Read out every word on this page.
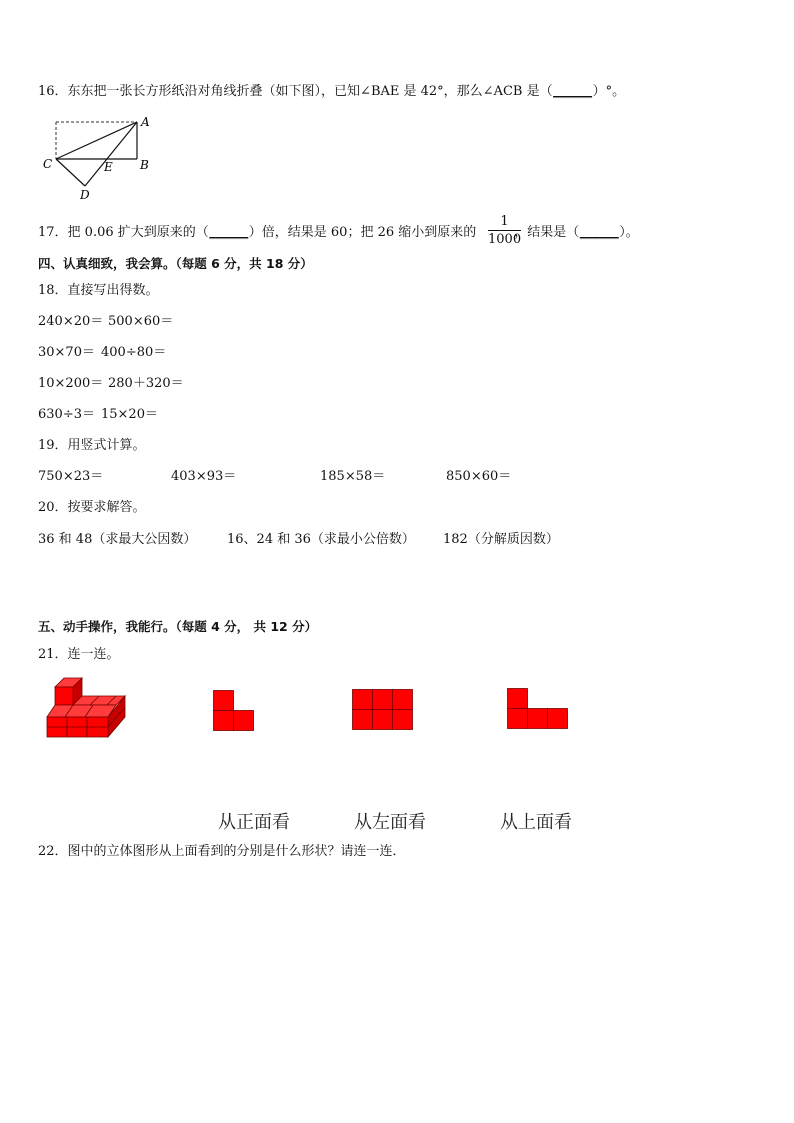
16．东东把一张长方形纸沿对角线折叠（如下图），已知∠BAE 是 42°，那么∠ACB 是（______）°。
A
B
C
D
E
17．把 0.06 扩大到原来的（______）倍，结果是 60；把 26 缩小到原来的	，结果是（______）。
$\frac{1}{1000}$
四、认真细致，我会算。（每题 6 分，共 18 分）
18．直接写出得数。
240×20＝ 500×60＝
30×70＝ 400÷80＝
10×200＝ 280＋320＝
630÷3＝ 15×20＝
19．用竖式计算。
750×23＝	403×93＝	185×58＝	850×60＝
20．按要求解答。
36 和 48（求最大公因数） 16、24 和 36（求最小公倍数） 182（分解质因数）
五、动手操作，我能行。（每题 4 分， 共 12 分）
21．连一连。
从正面看	从左面看	从上面看
22．图中的立体图形从上面看到的分别是什么形状？请连一连．
